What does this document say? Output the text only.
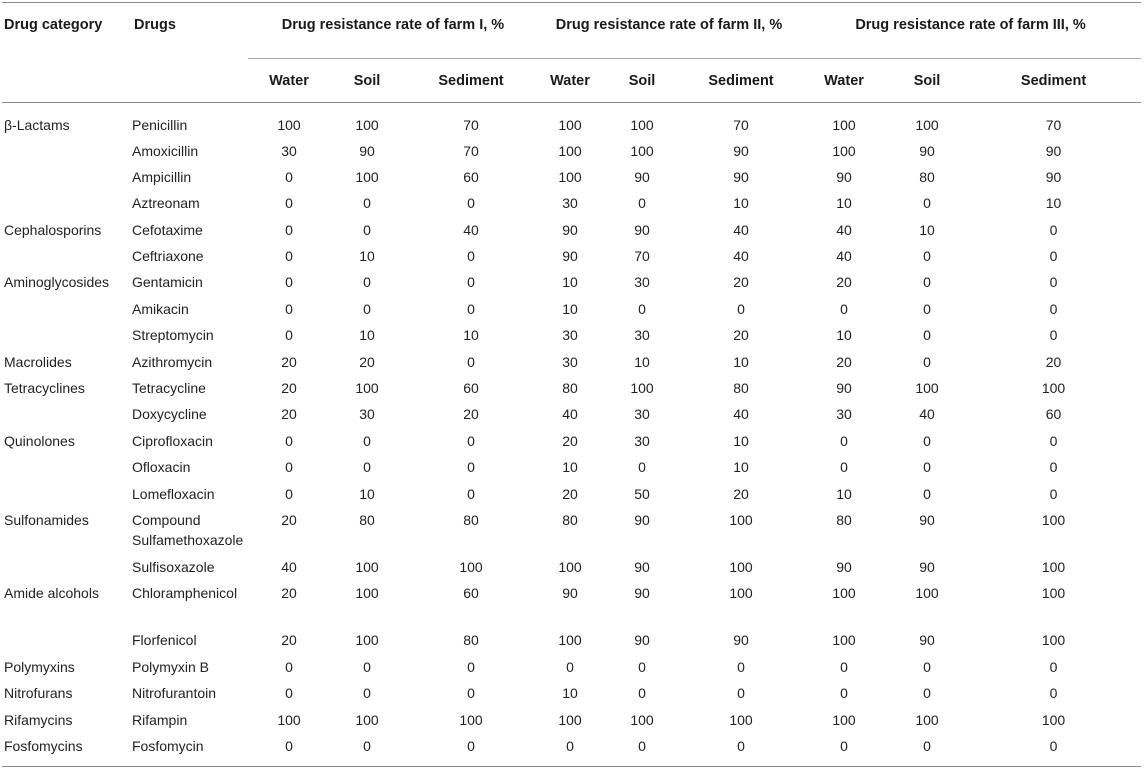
Drug category	Drugs	Drug resistance rate of farm I, %			Drug resistance rate of farm II, %			Drug resistance rate of farm III, %		
		Water	Soil	Sediment	Water	Soil	Sediment	Water	Soil	Sediment
β-Lactams	Penicillin	100	100	70	100	100	70	100	100	70
	Amoxicillin	30	90	70	100	100	90	100	90	90
	Ampicillin	0	100	60	100	90	90	90	80	90
	Aztreonam	0	0	0	30	0	10	10	0	10
Cephalosporins	Cefotaxime	0	0	40	90	90	40	40	10	0
	Ceftriaxone	0	10	0	90	70	40	40	0	0
Aminoglycosides	Gentamicin	0	0	0	10	30	20	20	0	0
	Amikacin	0	0	0	10	0	0	0	0	0
	Streptomycin	0	10	10	30	30	20	10	0	0
Macrolides	Azithromycin	20	20	0	30	10	10	20	0	20
Tetracyclines	Tetracycline	20	100	60	80	100	80	90	100	100
	Doxycycline	20	30	20	40	30	40	30	40	60
Quinolones	Ciprofloxacin	0	0	0	20	30	10	0	0	0
	Ofloxacin	0	0	0	10	0	10	0	0	0
	Lomefloxacin	0	10	0	20	50	20	10	0	0
Sulfonamides	Compound Sulfamethoxazole	20	80	80	80	90	100	80	90	100
	Sulfisoxazole	40	100	100	100	90	100	90	90	100
Amide alcohols	Chloramphenicol	20	100	60	90	90	100	100	100	100
	Florfenicol	20	100	80	100	90	90	100	90	100
Polymyxins	Polymyxin B	0	0	0	0	0	0	0	0	0
Nitrofurans	Nitrofurantoin	0	0	0	10	0	0	0	0	0
Rifamycins	Rifampin	100	100	100	100	100	100	100	100	100
Fosfomycins	Fosfomycin	0	0	0	0	0	0	0	0	0
